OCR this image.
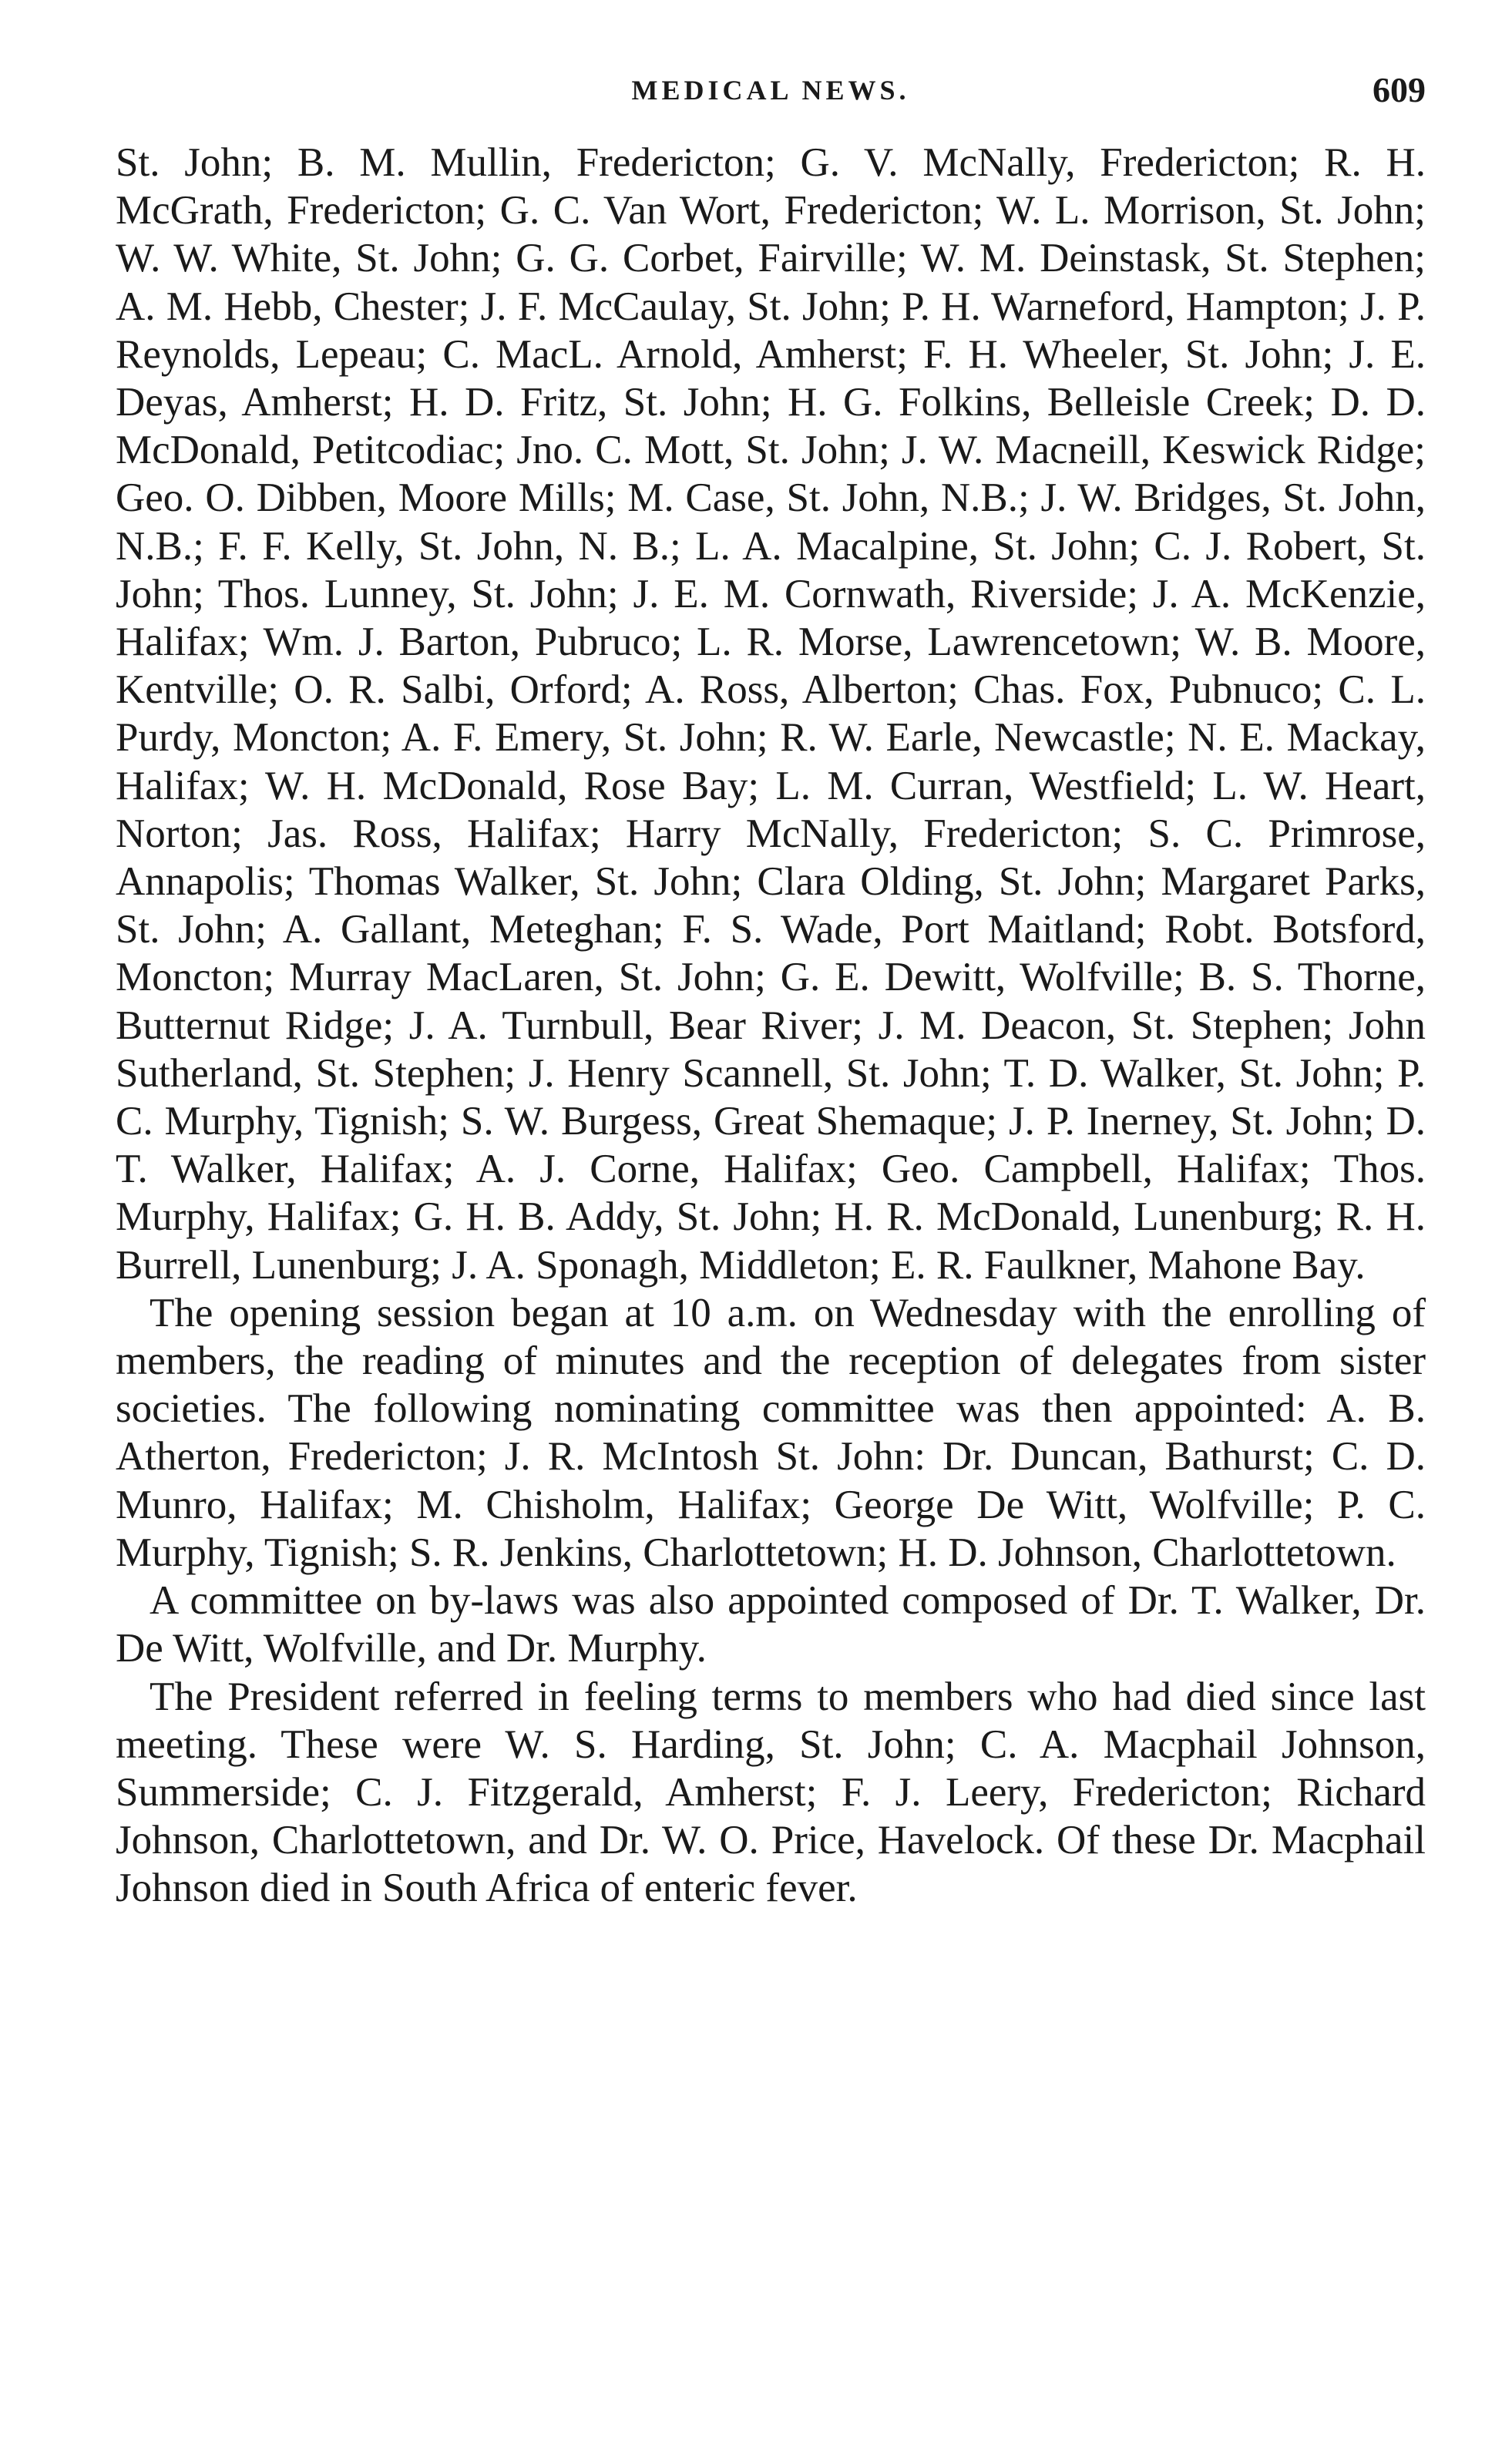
MEDICAL NEWS.	609

St. John; B. M. Mullin, Fredericton; G. V. McNally, Fredericton; R. H. McGrath, Fredericton; G. C. Van Wort, Fredericton; W. L. Morrison, St. John; W. W. White, St. John; G. G. Corbet, Fairville; W. M. Deinstask, St. Stephen; A. M. Hebb, Chester; J. F. McCaulay, St. John; P. H. Warneford, Hampton; J. P. Reynolds, Lepeau; C. MacL. Arnold, Amherst; F. H. Wheeler, St. John; J. E. Deyas, Amherst; H. D. Fritz, St. John; H. G. Folkins, Belleisle Creek; D. D. McDonald, Petitcodiac; Jno. C. Mott, St. John; J. W. Macneill, Keswick Ridge; Geo. O. Dibben, Moore Mills; M. Case, St. John, N.B.; J. W. Bridges, St. John, N.B.; F. F. Kelly, St. John, N. B.; L. A. Macalpine, St. John; C. J. Robert, St. John; Thos. Lunney, St. John; J. E. M. Cornwath, Riverside; J. A. McKenzie, Halifax; Wm. J. Barton, Pubruco; L. R. Morse, Lawrencetown; W. B. Moore, Kentville; O. R. Salbi, Orford; A. Ross, Alberton; Chas. Fox, Pubnuco; C. L. Purdy, Moncton; A. F. Emery, St. John; R. W. Earle, Newcastle; N. E. Mackay, Halifax; W. H. McDonald, Rose Bay; L. M. Curran, Westfield; L. W. Heart, Norton; Jas. Ross, Halifax; Harry McNally, Fredericton; S. C. Primrose, Annapolis; Thomas Walker, St. John; Clara Olding, St. John; Margaret Parks, St. John; A. Gallant, Meteghan; F. S. Wade, Port Maitland; Robt. Botsford, Moncton; Murray MacLaren, St. John; G. E. Dewitt, Wolfville; B. S. Thorne, Butternut Ridge; J. A. Turnbull, Bear River; J. M. Deacon, St. Stephen; John Sutherland, St. Stephen; J. Henry Scannell, St. John; T. D. Walker, St. John; P. C. Murphy, Tignish; S. W. Burgess, Great Shemaque; J. P. Inerney, St. John; D. T. Walker, Halifax; A. J. Corne, Halifax; Geo. Campbell, Halifax; Thos. Murphy, Halifax; G. H. B. Addy, St. John; H. R. McDonald, Lunenburg; R. H. Burrell, Lunenburg; J. A. Sponagh, Middleton; E. R. Faulkner, Mahone Bay.

The opening session began at 10 a.m. on Wednesday with the enrolling of members, the reading of minutes and the reception of delegates from sister societies. The following nominating committee was then appointed: A. B. Atherton, Fredericton; J. R. McIntosh St. John: Dr. Duncan, Bathurst; C. D. Munro, Halifax; M. Chisholm, Halifax; George De Witt, Wolfville; P. C. Murphy, Tignish; S. R. Jenkins, Charlottetown; H. D. Johnson, Charlottetown.

A committee on by-laws was also appointed composed of Dr. T. Walker, Dr. De Witt, Wolfville, and Dr. Murphy.

The President referred in feeling terms to members who had died since last meeting. These were W. S. Harding, St. John; C. A. Macphail Johnson, Summerside; C. J. Fitzgerald, Amherst; F. J. Leery, Fredericton; Richard Johnson, Charlottetown, and Dr. W. O. Price, Havelock. Of these Dr. Macphail Johnson died in South Africa of enteric fever.
